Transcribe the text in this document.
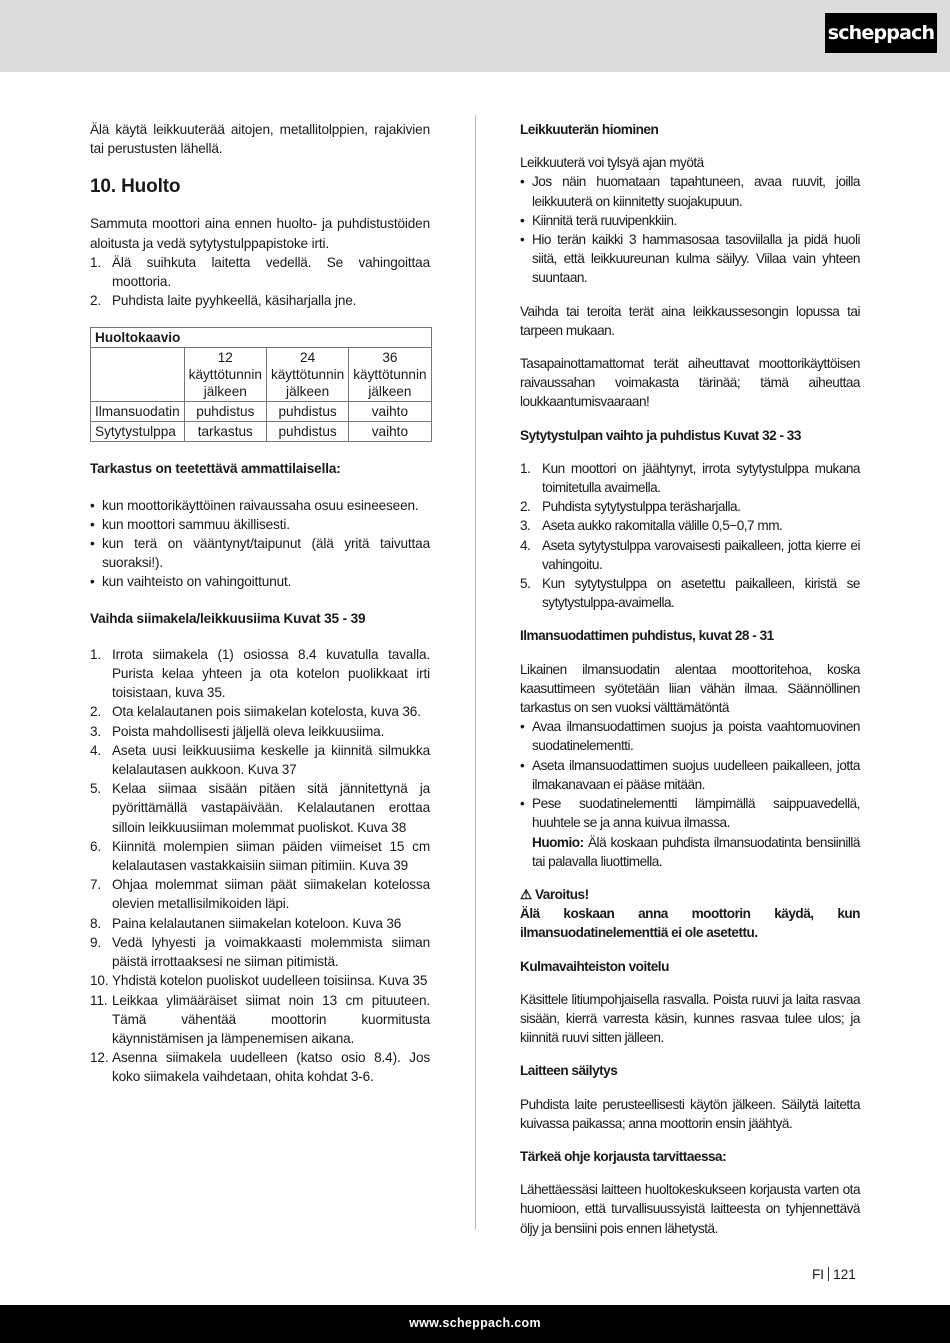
scheppach

Älä käytä leikkuuterää aitojen, metallitolppien, rajakivien tai perustusten lähellä.

10. Huolto

Sammuta moottori aina ennen huolto- ja puhdistustöiden aloitusta ja vedä sytytystulppapistoke irti.

1. Älä suihkuta laitetta vedellä. Se vahingoittaa moottoria.
2. Puhdista laite pyyhkeellä, käsiharjalla jne.
Huoltokaavio			
	12 käyttötunnin jälkeen	24 käyttötunnin jälkeen	36 käyttötunnin jälkeen
Ilmansuodatin	puhdistus	puhdistus	vaihto
Sytytystulppa	tarkastus	puhdistus	vaihto

Tarkastus on teetettävä ammattilaisella:

• kun moottorikäyttöinen raivaussaha osuu esineeseen.
• kun moottori sammuu äkillisesti.
• kun terä on vääntynyt/taipunut (älä yritä taivuttaa suoraksi!).
• kun vaihteisto on vahingoittunut.

Vaihda siimakela/leikkuusiima Kuvat 35 - 39

1. Irrota siimakela (1) osiossa 8.4 kuvatulla tavalla. Purista kelaa yhteen ja ota kotelon puolikkaat irti toisistaan, kuva 35.
2. Ota kelalautanen pois siimakelan kotelosta, kuva 36.
3. Poista mahdollisesti jäljellä oleva leikkuusiima.
4. Aseta uusi leikkuusiima keskelle ja kiinnitä silmukka kelalautasen aukkoon. Kuva 37
5. Kelaa siimaa sisään pitäen sitä jännitettynä ja pyörittämällä vastapäivään. Kelalautanen erottaa silloin leikkuusiiman molemmat puoliskot. Kuva 38
6. Kiinnitä molempien siiman päiden viimeiset 15 cm kelalautasen vastakkaisiin siiman pitimiin. Kuva 39
7. Ohjaa molemmat siiman päät siimakelan kotelossa olevien metallisilmikoiden läpi.
8. Paina kelalautanen siimakelan koteloon. Kuva 36
9. Vedä lyhyesti ja voimakkaasti molemmista siiman päistä irrottaaksesi ne siiman pitimistä.
10. Yhdistä kotelon puoliskot uudelleen toisiinsa. Kuva 35
11. Leikkaa ylimääräiset siimat noin 13 cm pituuteen. Tämä vähentää moottorin kuormitusta käynnistämisen ja lämpenemisen aikana.
12. Asenna siimakela uudelleen (katso osio 8.4). Jos koko siimakela vaihdetaan, ohita kohdat 3-6.

Leikkuuterän hiominen

Leikkuuterä voi tylsyä ajan myötä

• Jos näin huomataan tapahtuneen, avaa ruuvit, joilla leikkuuterä on kiinnitetty suojakupuun.
• Kiinnitä terä ruuvipenkkiin.
• Hio terän kaikki 3 hammasosaa tasoviilalla ja pidä huoli siitä, että leikkuureunan kulma säilyy. Viilaa vain yhteen suuntaan.

Vaihda tai teroita terät aina leikkaussesongin lopussa tai tarpeen mukaan.

Tasapainottamattomat terät aiheuttavat moottorikäyttöisen raivaussahan voimakasta tärinää; tämä aiheuttaa loukkaantumisvaaraan!

Sytytystulpan vaihto ja puhdistus Kuvat 32 - 33

1. Kun moottori on jäähtynyt, irrota sytytystulppa mukana toimitetulla avaimella.
2. Puhdista sytytystulppa teräsharjalla.
3. Aseta aukko rakomitalla välille 0,5−0,7 mm.
4. Aseta sytytystulppa varovaisesti paikalleen, jotta kierre ei vahingoitu.
5. Kun sytytystulppa on asetettu paikalleen, kiristä se sytytystulppa-avaimella.

Ilmansuodattimen puhdistus, kuvat 28 - 31

Likainen ilmansuodatin alentaa moottoritehoa, koska kaasuttimeen syötetään liian vähän ilmaa. Säännöllinen tarkastus on sen vuoksi välttämätöntä

• Avaa ilmansuodattimen suojus ja poista vaahtomuovinen suodatinelementti.
• Aseta ilmansuodattimen suojus uudelleen paikalleen, jotta ilmakanavaan ei pääse mitään.
• Pese suodatinelementti lämpimällä saippuavedellä, huuhtele se ja anna kuivua ilmassa.
Huomio: Älä koskaan puhdista ilmansuodatinta bensiinillä tai palavalla liuottimella.

⚠ Varoitus!

Älä koskaan anna moottorin käydä, kun ilmansuodatinelementtiä ei ole asetettu.

Kulmavaihteiston voitelu

Käsittele litiumpohjaisella rasvalla. Poista ruuvi ja laita rasvaa sisään, kierrä varresta käsin, kunnes rasvaa tulee ulos; ja kiinnitä ruuvi sitten jälleen.

Laitteen säilytys

Puhdista laite perusteellisesti käytön jälkeen. Säilytä laitetta kuivassa paikassa; anna moottorin ensin jäähtyä.

Tärkeä ohje korjausta tarvittaessa:

Lähettäessäsi laitteen huoltokeskukseen korjausta varten ota huomioon, että turvallisuussyistä laitteesta on tyhjennettävä öljy ja bensiini pois ennen lähetystä.

FI 121
www.scheppach.com
